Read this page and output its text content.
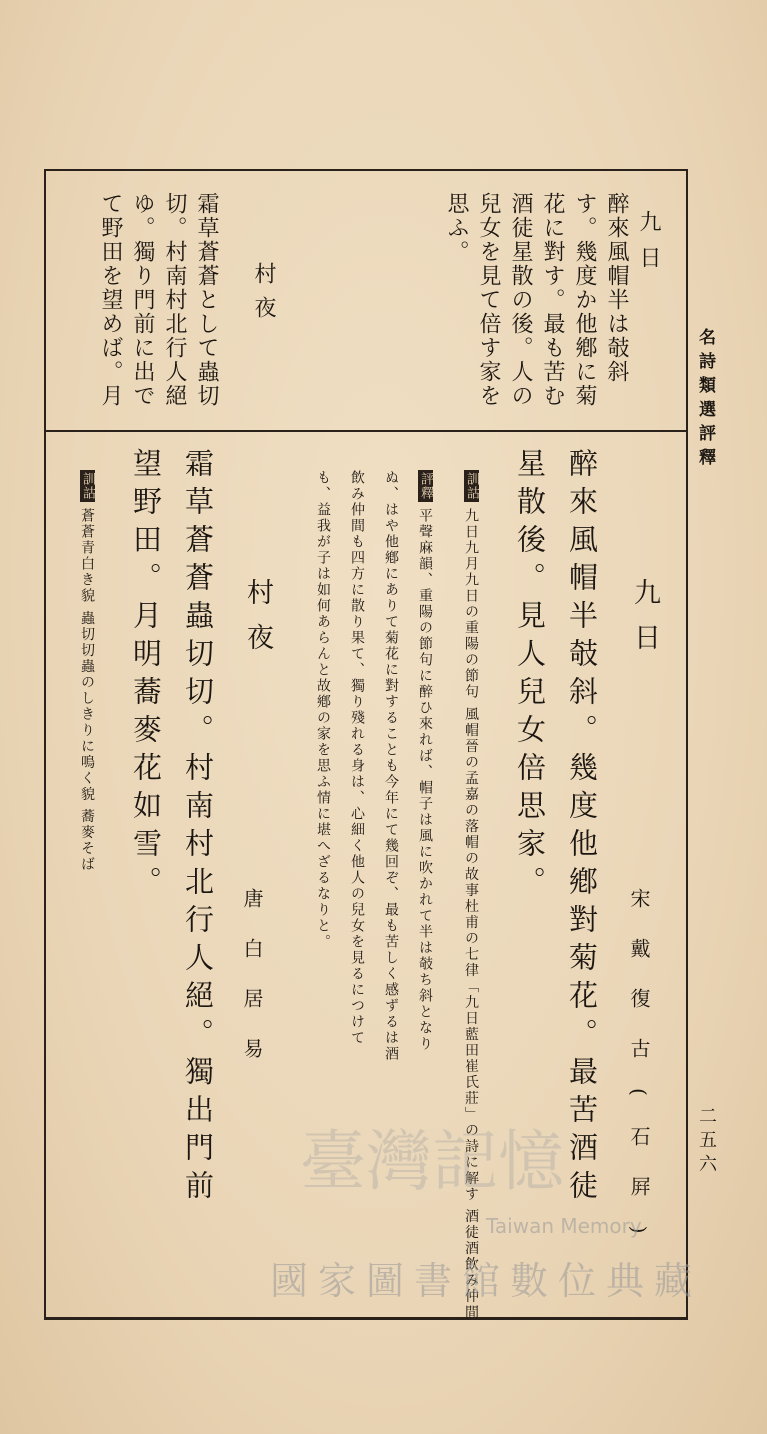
名詩類選評釋
二五六
九日
醉來風帽半は攲斜
す。幾度か他鄕に菊
花に對す。最も苦む
酒徒星散の後。人の
兒女を見て倍す家を
思ふ。
村夜
霜草蒼蒼として蟲切
切。村南村北行人絕
ゆ。獨り門前に出で
て野田を望めば。月
九日
宋戴復古(石屛)
醉來風帽半攲斜。幾度他鄕對菊花。最苦酒徒
星散後。見人兒女倍思家。
訓詁九日九月九日の重陽の節句 風帽晉の孟嘉の落帽の故事杜甫の七律「九日藍田崔氏莊」の詩に解す 酒徒酒飲み仲間
評釋平聲麻韻、重陽の節句に醉ひ來れば、帽子は風に吹かれて半は攲ち斜となり
ぬ、はや他鄕にありて菊花に對することも今年にて幾回ぞ、最も苦しく感ずるは酒
飲み仲間も四方に散り果て、獨り殘れる身は、心細く他人の兒女を見るにつけて
も、益我が子は如何あらんと故鄕の家を思ふ情に堪へざるなりと。
村夜
唐白居易
霜草蒼蒼蟲切切。村南村北行人絕。獨出門前
望野田。月明蕎麥花如雪。
訓詁蒼蒼青白き貌 蟲切切蟲のしきりに鳴く貌 蕎麥そば
臺灣記憶
Taiwan Memory
國家圖書館數位典藏
